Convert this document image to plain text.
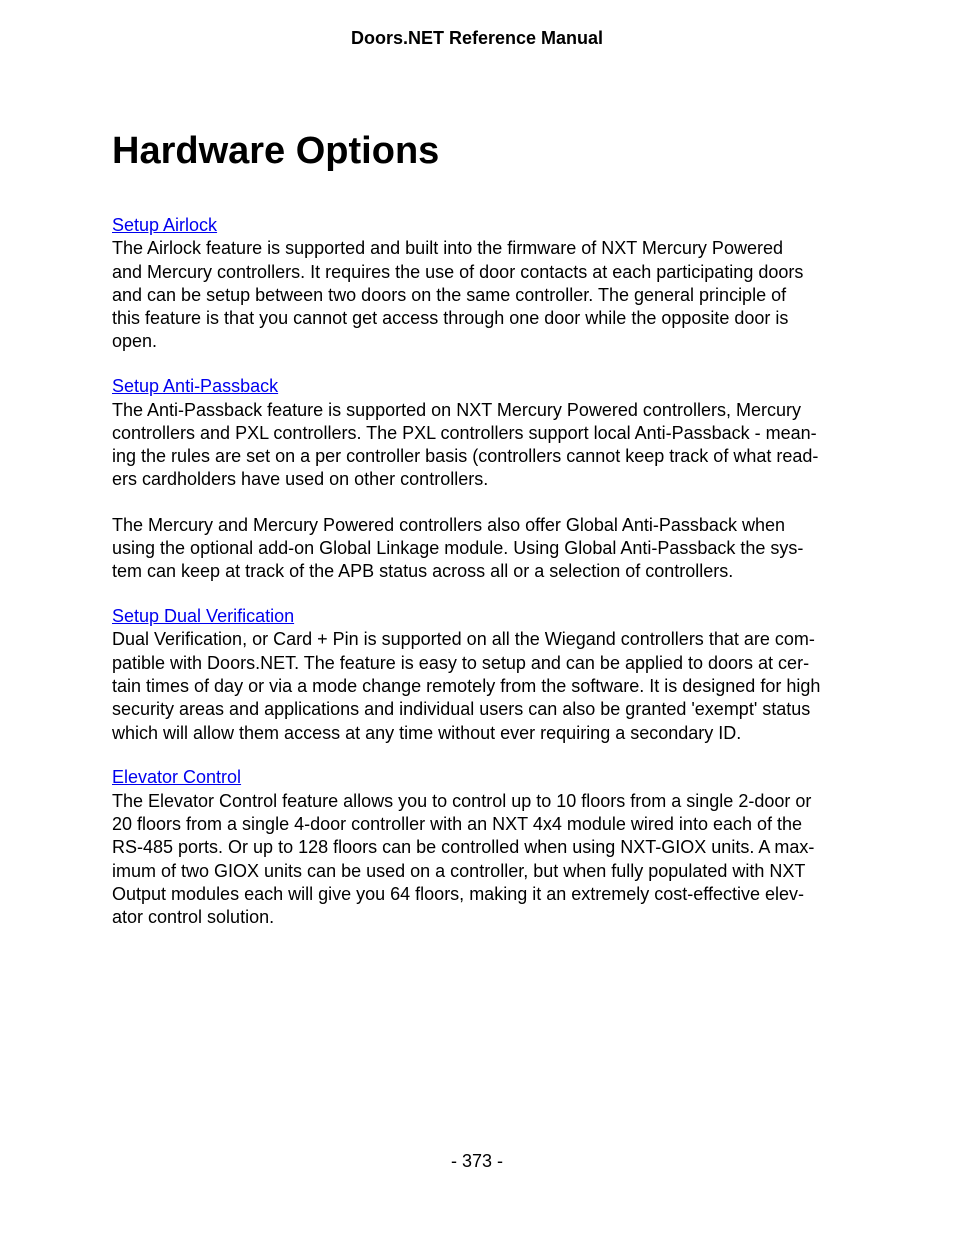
Doors.NET Reference Manual
Hardware Options
Setup Airlock

The Airlock feature is supported and built into the firmware of NXT Mercury Powered
and Mercury controllers. It requires the use of door contacts at each participating doors
and can be setup between two doors on the same controller. The general principle of
this feature is that you cannot get access through one door while the opposite door is
open.

Setup Anti-Passback

The Anti-Passback feature is supported on NXT Mercury Powered controllers, Mercury
controllers and PXL controllers. The PXL controllers support local Anti-Passback - mean-
ing the rules are set on a per controller basis (controllers cannot keep track of what read-
ers cardholders have used on other controllers.

The Mercury and Mercury Powered controllers also offer Global Anti-Passback when
using the optional add-on Global Linkage module. Using Global Anti-Passback the sys-
tem can keep at track of the APB status across all or a selection of controllers.

Setup Dual Verification

Dual Verification, or Card + Pin is supported on all the Wiegand controllers that are com-
patible with Doors.NET. The feature is easy to setup and can be applied to doors at cer-
tain times of day or via a mode change remotely from the software. It is designed for high
security areas and applications and individual users can also be granted 'exempt' status
which will allow them access at any time without ever requiring a secondary ID.

Elevator Control

The Elevator Control feature allows you to control up to 10 floors from a single 2-door or
20 floors from a single 4-door controller with an NXT 4x4 module wired into each of the
RS-485 ports. Or up to 128 floors can be controlled when using NXT-GIOX units. A max-
imum of two GIOX units can be used on a controller, but when fully populated with NXT
Output modules each will give you 64 floors, making it an extremely cost-effective elev-
ator control solution.

- 373 -
